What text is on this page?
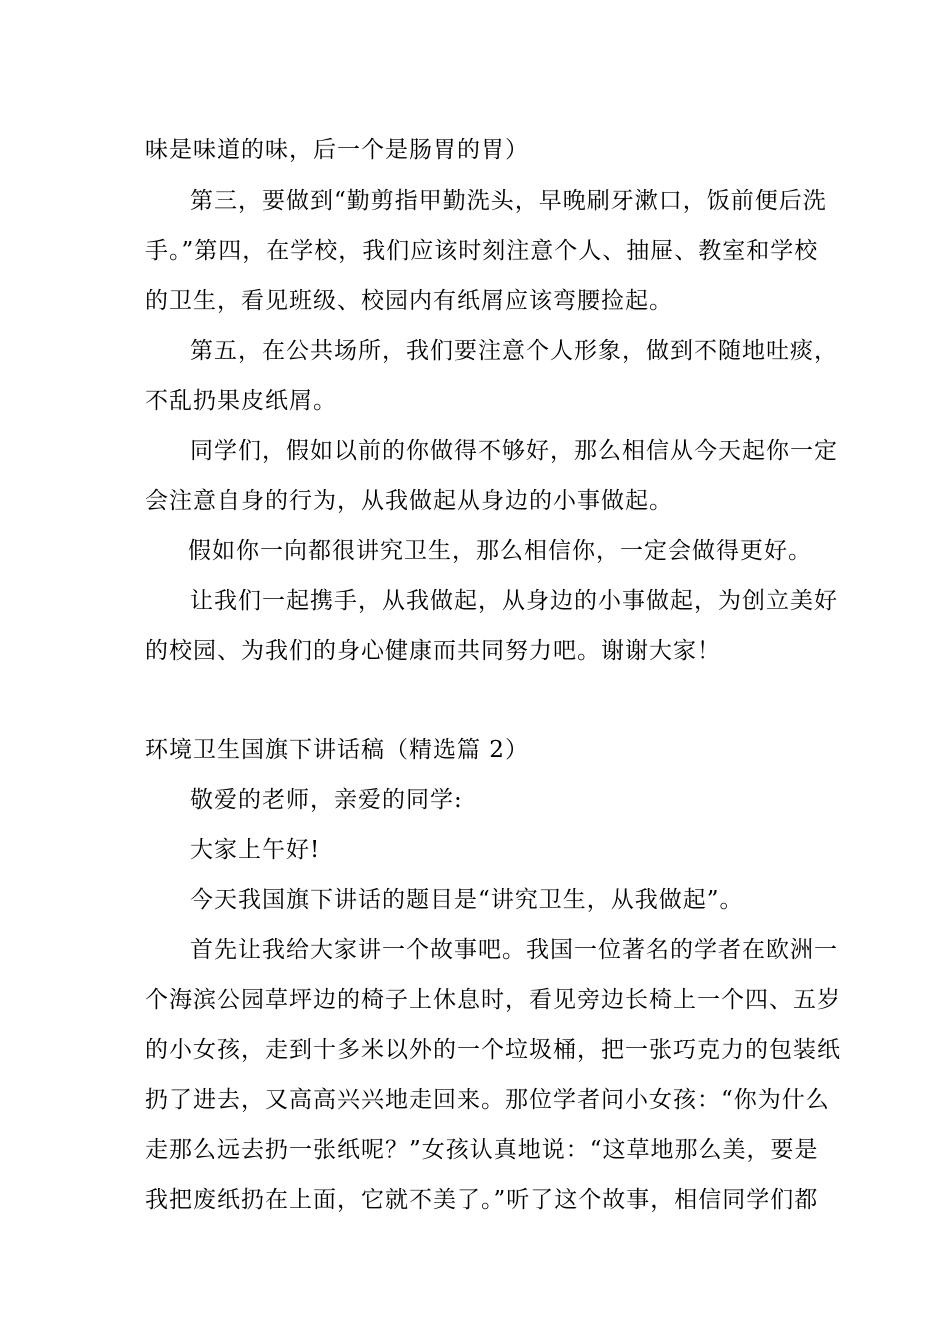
味是味道的味，后一个是肠胃的胃）
第三，要做到“勤剪指甲勤洗头，早晚刷牙漱口，饭前便后洗
手。”第四，在学校，我们应该时刻注意个人、抽屉、教室和学校
的卫生，看见班级、校园内有纸屑应该弯腰捡起。
第五，在公共场所，我们要注意个人形象，做到不随地吐痰，
不乱扔果皮纸屑。
同学们，假如以前的你做得不够好，那么相信从今天起你一定
会注意自身的行为，从我做起从身边的小事做起。
假如你一向都很讲究卫生，那么相信你，一定会做得更好。
让我们一起携手，从我做起，从身边的小事做起，为创立美好
的校园、为我们的身心健康而共同努力吧。谢谢大家！
环境卫生国旗下讲话稿（精选篇 2）
敬爱的老师，亲爱的同学:
大家上午好!
今天我国旗下讲话的题目是“讲究卫生，从我做起”。
首先让我给大家讲一个故事吧。我国一位著名的学者在欧洲一
个海滨公园草坪边的椅子上休息时，看见旁边长椅上一个四、五岁
的小女孩，走到十多米以外的一个垃圾桶，把一张巧克力的包装纸
扔了进去，又高高兴兴地走回来。那位学者问小女孩：“你为什么
走那么远去扔一张纸呢？”女孩认真地说：“这草地那么美，要是
我把废纸扔在上面，它就不美了。”听了这个故事，相信同学们都
